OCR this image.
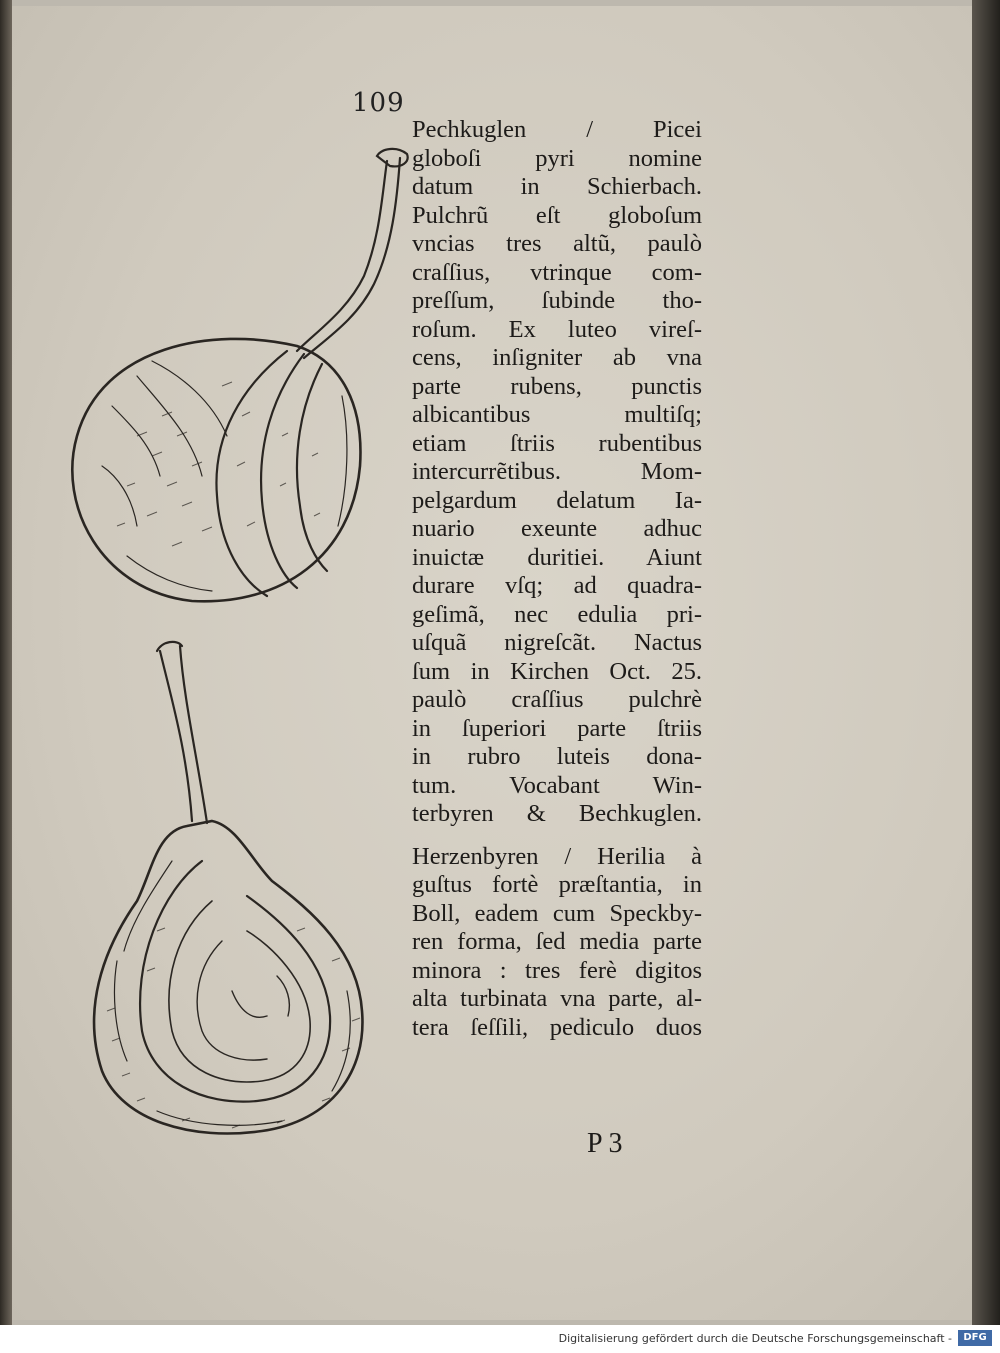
109
Pechkuglen / Picei
globoſi pyri nomine
datum in Schierbach.
Pulchrũ eſt globoſum
vncias tres altũ, paulò
craſſius, vtrinque com-
preſſum, ſubinde tho-
roſum. Ex luteo vireſ-
cens, inſigniter ab vna
parte rubens, punctis
albicantibus multiſq;
etiam ſtriis rubentibus
intercurrẽtibus. Mom-
pelgardum delatum Ia-
nuario exeunte adhuc
inuictæ duritiei. Aiunt
durare vſq; ad quadra-
geſimã, nec edulia pri-
uſquã nigreſcãt. Nactus
ſum in Kirchen Oct. 25.
paulò craſſius pulchrè
in ſuperiori parte ſtriis
in rubro luteis dona-
tum. Vocabant Win-
terbyren & Bechkuglen.
Herzenbyren / Herilia à
guſtus fortè præſtantia, in
Boll, eadem cum Speckby-
ren forma, ſed media parte
minora : tres ferè digitos
alta turbinata vna parte, al-
tera ſeſſili, pediculo duos
P 3
Digitalisierung gefördert durch die Deutsche Forschungsgemeinschaft -	DFG
